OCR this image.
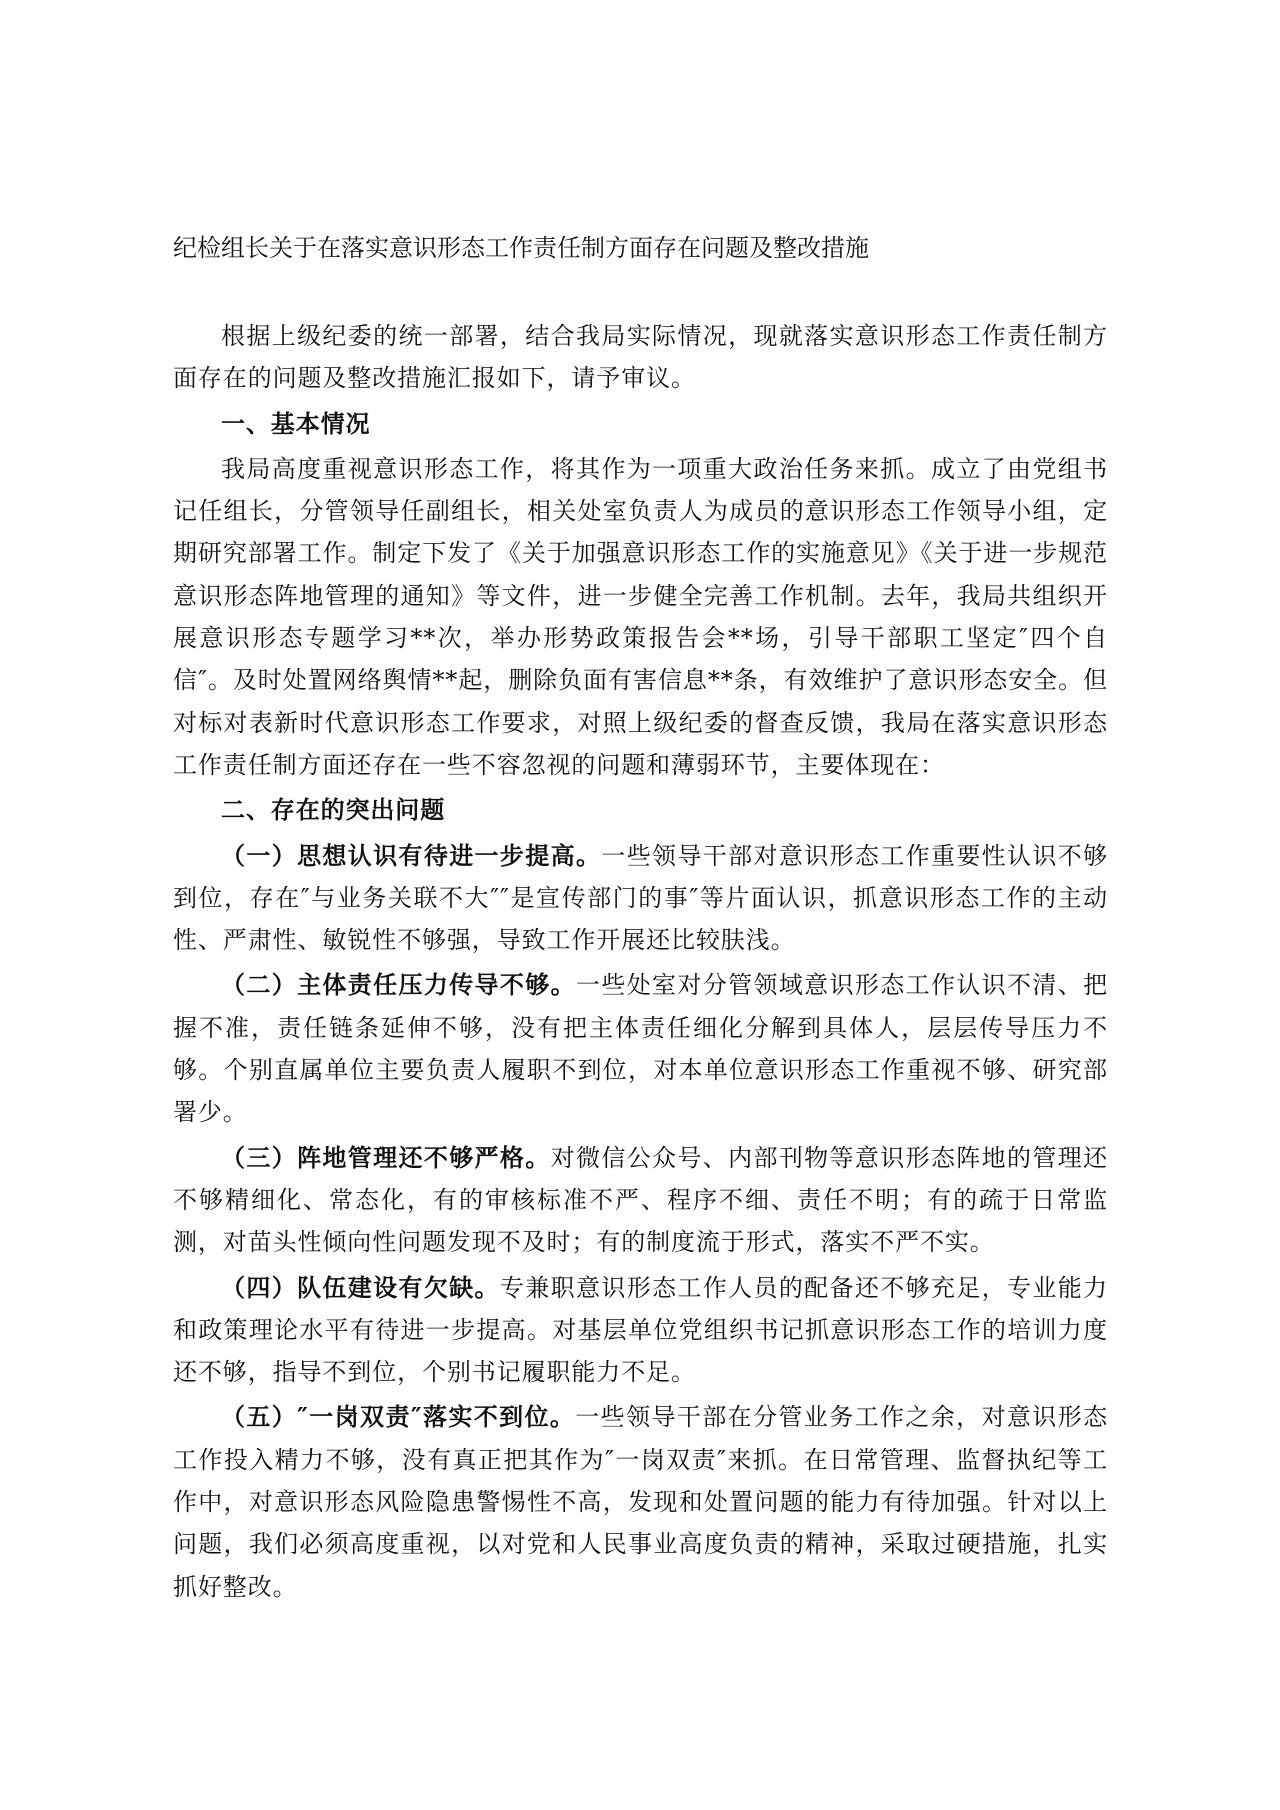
纪检组长关于在落实意识形态工作责任制方面存在问题及整改措施

根据上级纪委的统一部署，结合我局实际情况，现就落实意识形态工作责任制方面存在的问题及整改措施汇报如下，请予审议。

一、基本情况

我局高度重视意识形态工作，将其作为一项重大政治任务来抓。成立了由党组书记任组长，分管领导任副组长，相关处室负责人为成员的意识形态工作领导小组，定期研究部署工作。制定下发了《关于加强意识形态工作的实施意见》《关于进一步规范意识形态阵地管理的通知》等文件，进一步健全完善工作机制。去年，我局共组织开展意识形态专题学习**次，举办形势政策报告会**场，引导干部职工坚定″四个自信″。及时处置网络舆情**起，删除负面有害信息**条，有效维护了意识形态安全。但对标对表新时代意识形态工作要求，对照上级纪委的督查反馈，我局在落实意识形态工作责任制方面还存在一些不容忽视的问题和薄弱环节，主要体现在：

二、存在的突出问题

（一）思想认识有待进一步提高。一些领导干部对意识形态工作重要性认识不够到位，存在″与业务关联不大″″是宣传部门的事″等片面认识，抓意识形态工作的主动性、严肃性、敏锐性不够强，导致工作开展还比较肤浅。

（二）主体责任压力传导不够。一些处室对分管领域意识形态工作认识不清、把握不准，责任链条延伸不够，没有把主体责任细化分解到具体人，层层传导压力不够。个别直属单位主要负责人履职不到位，对本单位意识形态工作重视不够、研究部署少。

（三）阵地管理还不够严格。对微信公众号、内部刊物等意识形态阵地的管理还不够精细化、常态化，有的审核标准不严、程序不细、责任不明；有的疏于日常监测，对苗头性倾向性问题发现不及时；有的制度流于形式，落实不严不实。

（四）队伍建设有欠缺。专兼职意识形态工作人员的配备还不够充足，专业能力和政策理论水平有待进一步提高。对基层单位党组织书记抓意识形态工作的培训力度还不够，指导不到位，个别书记履职能力不足。

（五）″一岗双责″落实不到位。一些领导干部在分管业务工作之余，对意识形态工作投入精力不够，没有真正把其作为″一岗双责″来抓。在日常管理、监督执纪等工作中，对意识形态风险隐患警惕性不高，发现和处置问题的能力有待加强。针对以上问题，我们必须高度重视，以对党和人民事业高度负责的精神，采取过硬措施，扎实抓好整改。
